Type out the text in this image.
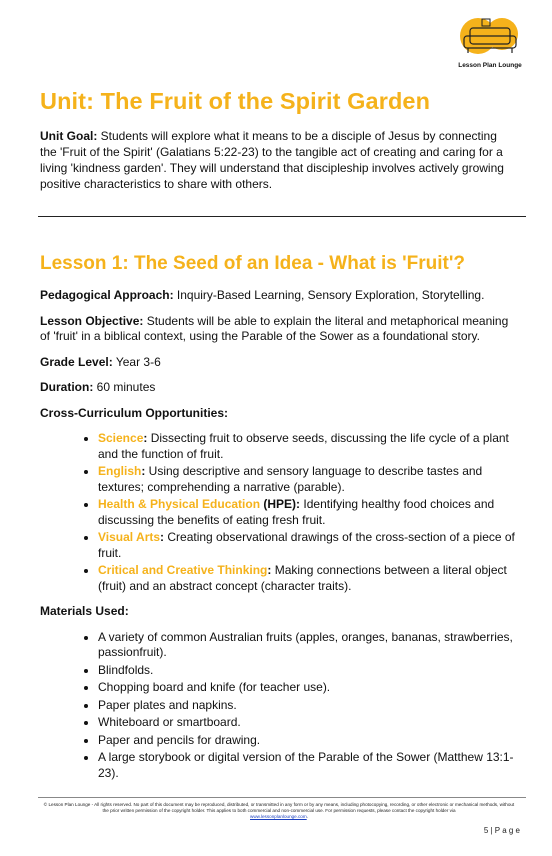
Lesson Plan Lounge
Unit: The Fruit of the Spirit Garden

Unit Goal: Students will explore what it means to be a disciple of Jesus by connecting the 'Fruit of the Spirit' (Galatians 5:22-23) to the tangible act of creating and caring for a living 'kindness garden'. They will understand that discipleship involves actively growing positive characteristics to share with others.

Lesson 1: The Seed of an Idea - What is 'Fruit'?

Pedagogical Approach: Inquiry-Based Learning, Sensory Exploration, Storytelling.

Lesson Objective: Students will be able to explain the literal and metaphorical meaning of 'fruit' in a biblical context, using the Parable of the Sower as a foundational story.

Grade Level: Year 3-6

Duration: 60 minutes

Cross-Curriculum Opportunities:

• Science: Dissecting fruit to observe seeds, discussing the life cycle of a plant and the function of fruit.
• English: Using descriptive and sensory language to describe tastes and textures; comprehending a narrative (parable).
• Health & Physical Education (HPE): Identifying healthy food choices and discussing the benefits of eating fresh fruit.
• Visual Arts: Creating observational drawings of the cross-section of a piece of fruit.
• Critical and Creative Thinking: Making connections between a literal object (fruit) and an abstract concept (character traits).

Materials Used:

• A variety of common Australian fruits (apples, oranges, bananas, strawberries, passionfruit).
• Blindfolds.
• Chopping board and knife (for teacher use).
• Paper plates and napkins.
• Whiteboard or smartboard.
• Paper and pencils for drawing.
• A large storybook or digital version of the Parable of the Sower (Matthew 13:1-23).
© Lesson Plan Lounge - All rights reserved. No part of this document may be reproduced, distributed, or transmitted in any form or by any means, including photocopying, recording, or other electronic or mechanical methods, without the prior written permission of the copyright holder. This applies to both commercial and non-commercial use. For permission requests, please contact the copyright holder via
www.lessonplanlounge.com.
5 | P a g e
